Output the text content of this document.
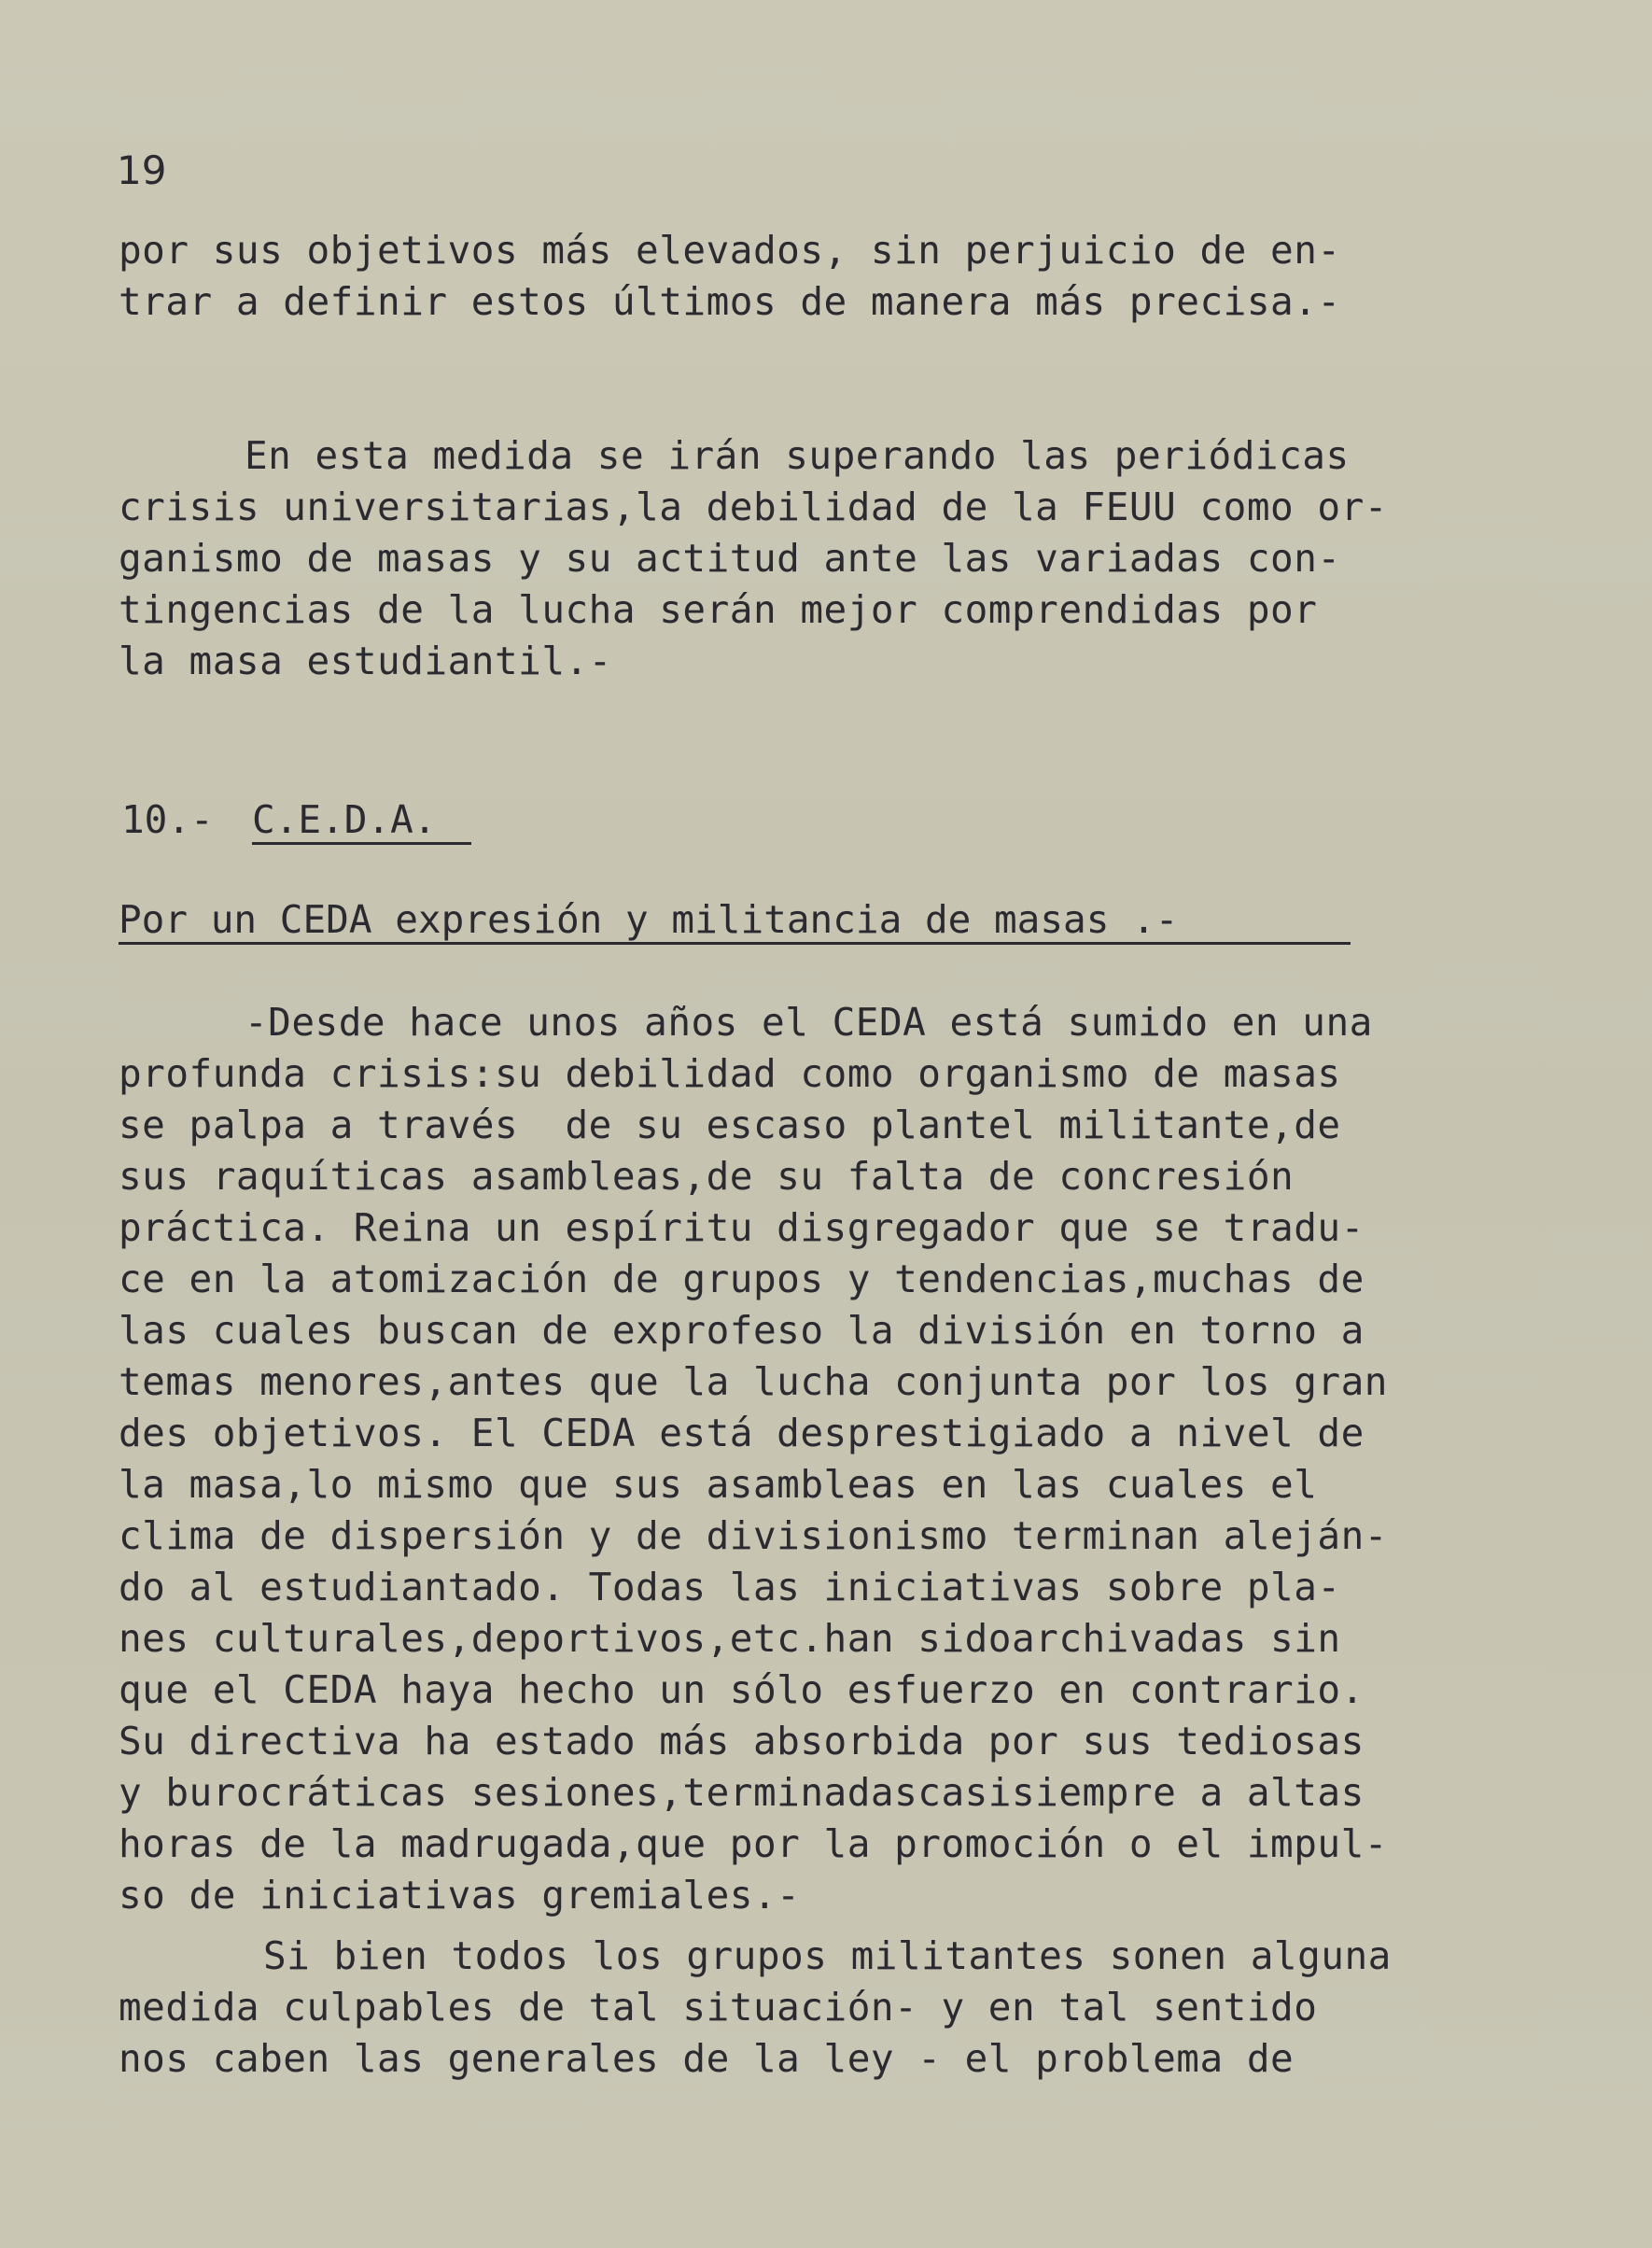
19
por sus objetivos más elevados, sin perjuicio de en-
trar a definir estos últimos de manera más precisa.-
En esta medida se irán superando las periódicas
crisis universitarias,la debilidad de la FEUU como or-
ganismo de masas y su actitud ante las variadas con-
tingencias de la lucha serán mejor comprendidas por
la masa estudiantil.-
10.- C.E.D.A.
Por un CEDA expresión y militancia de masas .-
-Desde hace unos años el CEDA está sumido en una
profunda crisis:su debilidad como organismo de masas
se palpa a través  de su escaso plantel militante,de
sus raquíticas asambleas,de su falta de concresión
práctica. Reina un espíritu disgregador que se tradu-
ce en la atomización de grupos y tendencias,muchas de
las cuales buscan de exprofeso la división en torno a
temas menores,antes que la lucha conjunta por los gran
des objetivos. El CEDA está desprestigiado a nivel de
la masa,lo mismo que sus asambleas en las cuales el
clima de dispersión y de divisionismo terminan aleján-
do al estudiantado. Todas las iniciativas sobre pla-
nes culturales,deportivos,etc.han sidoarchivadas sin
que el CEDA haya hecho un sólo esfuerzo en contrario.
Su directiva ha estado más absorbida por sus tediosas
y burocráticas sesiones,terminadascasisiempre a altas
horas de la madrugada,que por la promoción o el impul-
so de iniciativas gremiales.-
Si bien todos los grupos militantes sonen alguna
medida culpables de tal situación- y en tal sentido
nos caben las generales de la ley - el problema de
